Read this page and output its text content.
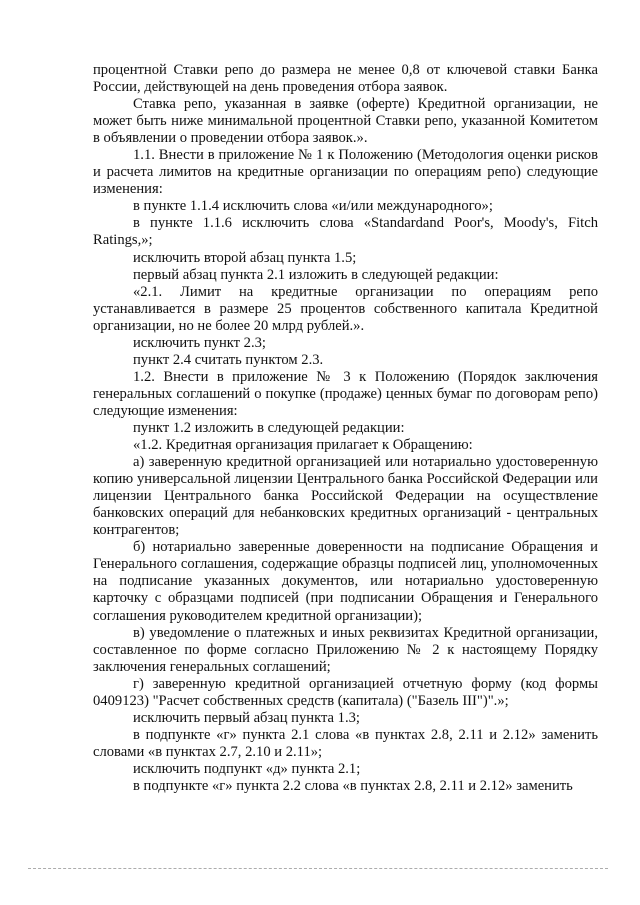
процентной Ставки репо до размера не менее 0,8 от ключевой ставки Банка России, действующей на день проведения отбора заявок.

Ставка репо, указанная в заявке (оферте) Кредитной организации, не может быть ниже минимальной процентной Ставки репо, указанной Комитетом в объявлении о проведении отбора заявок.».

1.1. Внести в приложение № 1 к Положению (Методология оценки рисков и расчета лимитов на кредитные организации по операциям репо) следующие изменения:

в пункте 1.1.4 исключить слова «и/или международного»;

в пункте 1.1.6 исключить слова «Standardand Poor's, Moody's, Fitch Ratings,»;

исключить второй абзац пункта 1.5;

первый абзац пункта 2.1 изложить в следующей редакции:

«2.1. Лимит на кредитные организации по операциям репо устанавливается в размере 25 процентов собственного капитала Кредитной организации, но не более 20 млрд рублей.».

исключить пункт 2.3;

пункт 2.4 считать пунктом 2.3.

1.2. Внести в приложение № 3 к Положению (Порядок заключения генеральных соглашений о покупке (продаже) ценных бумаг по договорам репо) следующие изменения:

пункт 1.2 изложить в следующей редакции:

«1.2. Кредитная организация прилагает к Обращению:

а) заверенную кредитной организацией или нотариально удостоверенную копию универсальной лицензии Центрального банка Российской Федерации или лицензии Центрального банка Российской Федерации на осуществление банковских операций для небанковских кредитных организаций - центральных контрагентов;

б) нотариально заверенные доверенности на подписание Обращения и Генерального соглашения, содержащие образцы подписей лиц, уполномоченных на подписание указанных документов, или нотариально удостоверенную карточку с образцами подписей (при подписании Обращения и Генерального соглашения руководителем кредитной организации);

в) уведомление о платежных и иных реквизитах Кредитной организации, составленное по форме согласно Приложению № 2 к настоящему Порядку заключения генеральных соглашений;

г) заверенную кредитной организацией отчетную форму (код формы 0409123) "Расчет собственных средств (капитала) ("Базель III")".»;

исключить первый абзац пункта 1.3;

в подпункте «г» пункта 2.1 слова «в пунктах 2.8, 2.11 и 2.12» заменить словами «в пунктах 2.7, 2.10 и 2.11»;

исключить подпункт «д» пункта 2.1;

в подпункте «г» пункта 2.2 слова «в пунктах 2.8, 2.11 и 2.12» заменить
